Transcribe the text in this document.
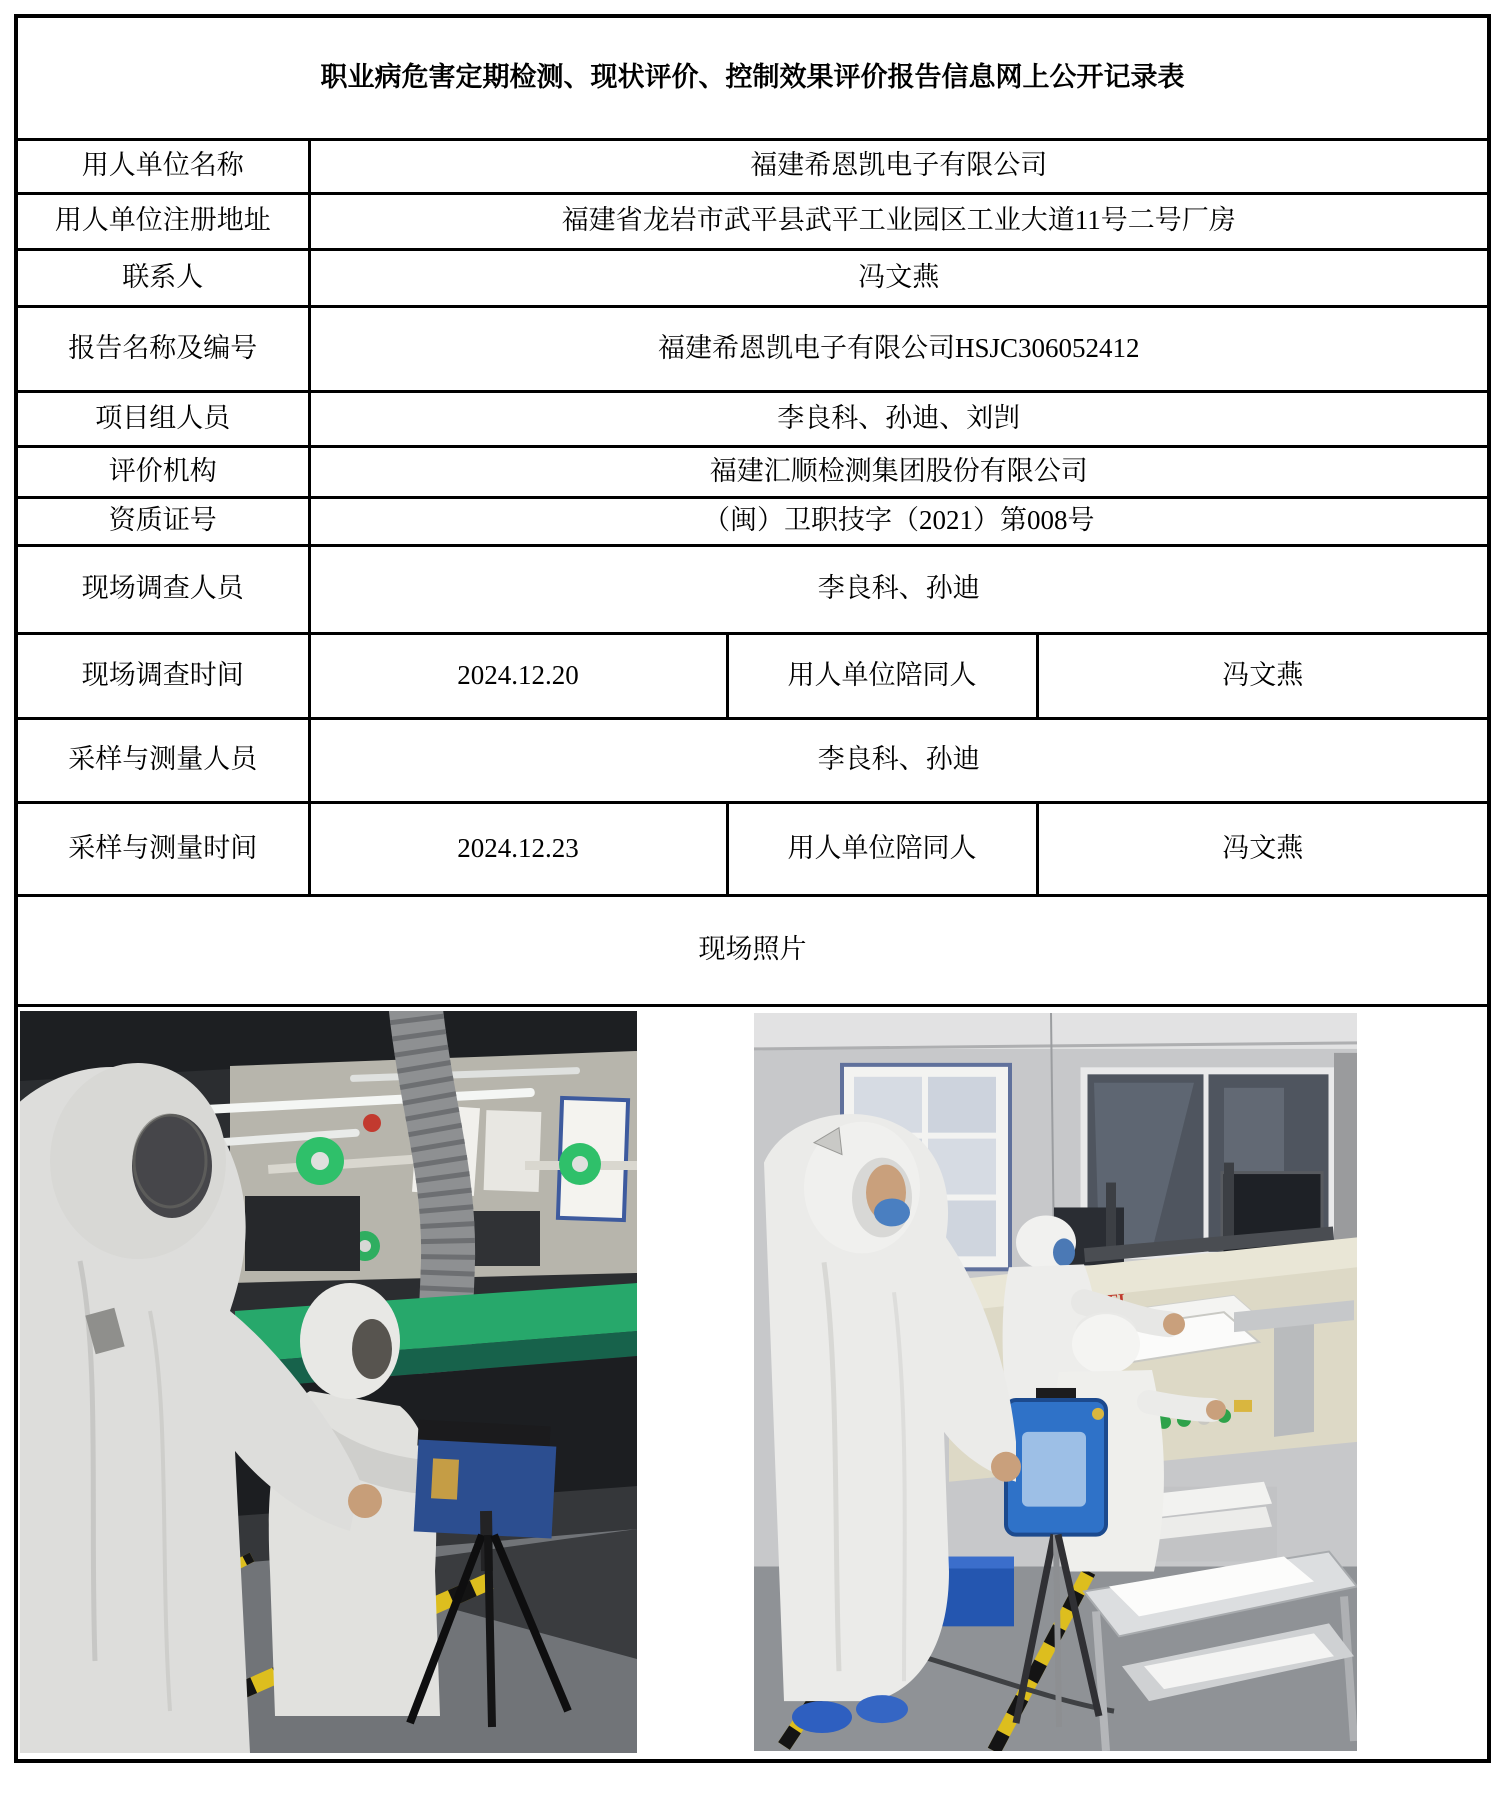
职业病危害定期检测、现状评价、控制效果评价报告信息网上公开记录表			
用人单位名称	福建希恩凯电子有限公司		
用人单位注册地址	福建省龙岩市武平县武平工业园区工业大道11号二号厂房		
联系人	冯文燕		
报告名称及编号	福建希恩凯电子有限公司HSJC306052412		
项目组人员	李良科、孙迪、刘剀		
评价机构	福建汇顺检测集团股份有限公司		
资质证号	（闽）卫职技字（2021）第008号		
现场调查人员	李良科、孙迪		
现场调查时间	2024.12.20	用人单位陪同人	冯文燕
采样与测量人员	李良科、孙迪		
采样与测量时间	2024.12.23	用人单位陪同人	冯文燕
现场照片			

SFI			
